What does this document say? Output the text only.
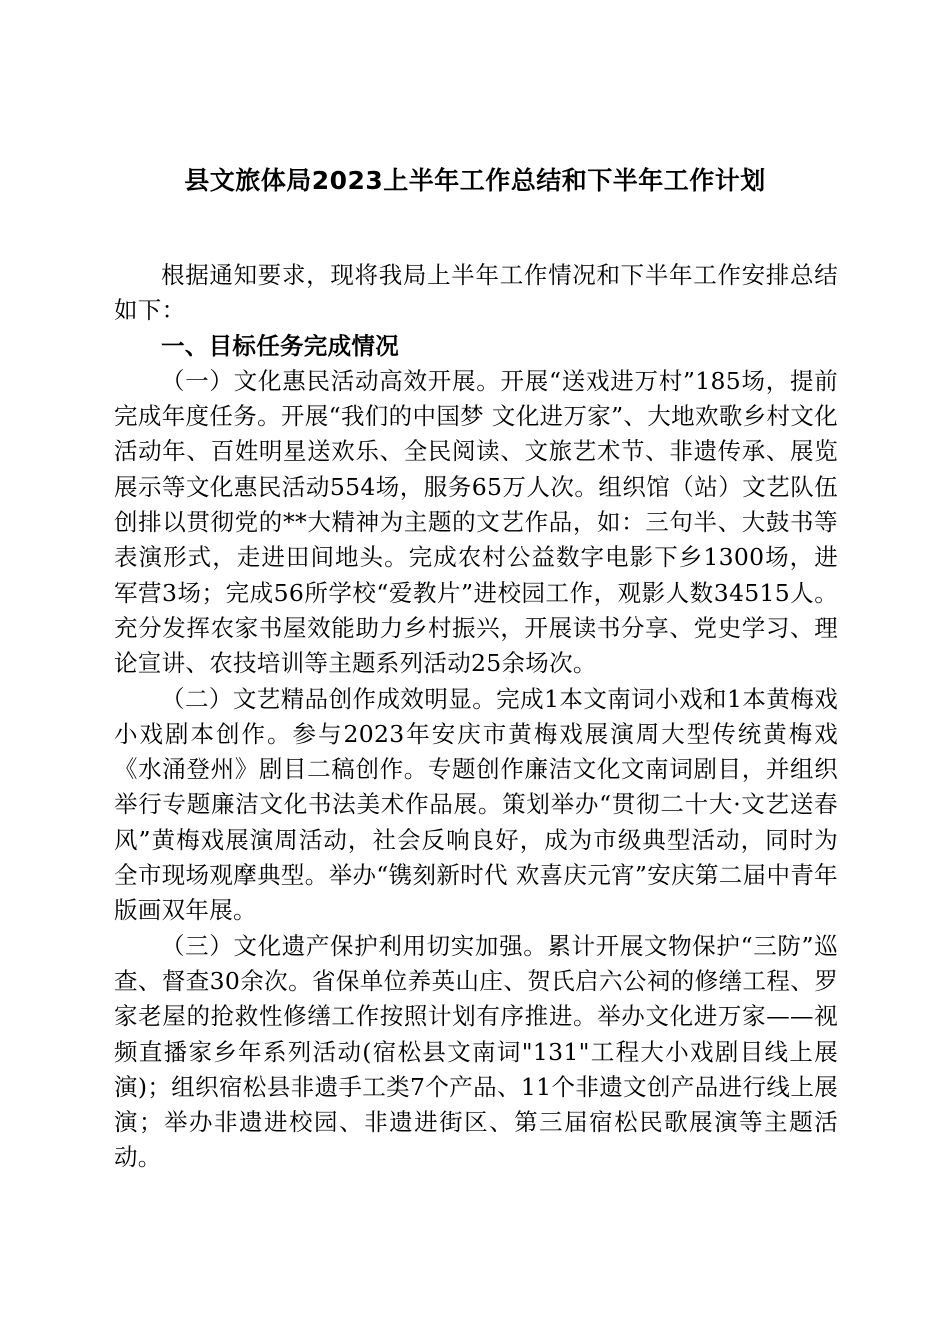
县文旅体局2023上半年工作总结和下半年工作计划

根据通知要求，现将我局上半年工作情况和下半年工作安排总结如下：

一、目标任务完成情况

（一）文化惠民活动高效开展。开展“送戏进万村”185场，提前完成年度任务。开展“我们的中国梦 文化进万家”、大地欢歌乡村文化活动年、百姓明星送欢乐、全民阅读、文旅艺术节、非遗传承、展览展示等文化惠民活动554场，服务65万人次。组织馆（站）文艺队伍创排以贯彻党的**大精神为主题的文艺作品，如：三句半、大鼓书等表演形式，走进田间地头。完成农村公益数字电影下乡1300场，进军营3场；完成56所学校“爱教片”进校园工作，观影人数34515人。充分发挥农家书屋效能助力乡村振兴，开展读书分享、党史学习、理论宣讲、农技培训等主题系列活动25余场次。

（二）文艺精品创作成效明显。完成1本文南词小戏和1本黄梅戏小戏剧本创作。参与2023年安庆市黄梅戏展演周大型传统黄梅戏《水涌登州》剧目二稿创作。专题创作廉洁文化文南词剧目，并组织举行专题廉洁文化书法美术作品展。策划举办“贯彻二十大·文艺送春风”黄梅戏展演周活动，社会反响良好，成为市级典型活动，同时为全市现场观摩典型。举办“镌刻新时代 欢喜庆元宵”安庆第二届中青年版画双年展。

（三）文化遗产保护利用切实加强。累计开展文物保护“三防”巡查、督查30余次。省保单位养英山庄、贺氏启六公祠的修缮工程、罗家老屋的抢救性修缮工作按照计划有序推进。举办文化进万家——视频直播家乡年系列活动(宿松县文南词"131"工程大小戏剧目线上展演)；组织宿松县非遗手工类7个产品、11个非遗文创产品进行线上展演；举办非遗进校园、非遗进街区、第三届宿松民歌展演等主题活动。
